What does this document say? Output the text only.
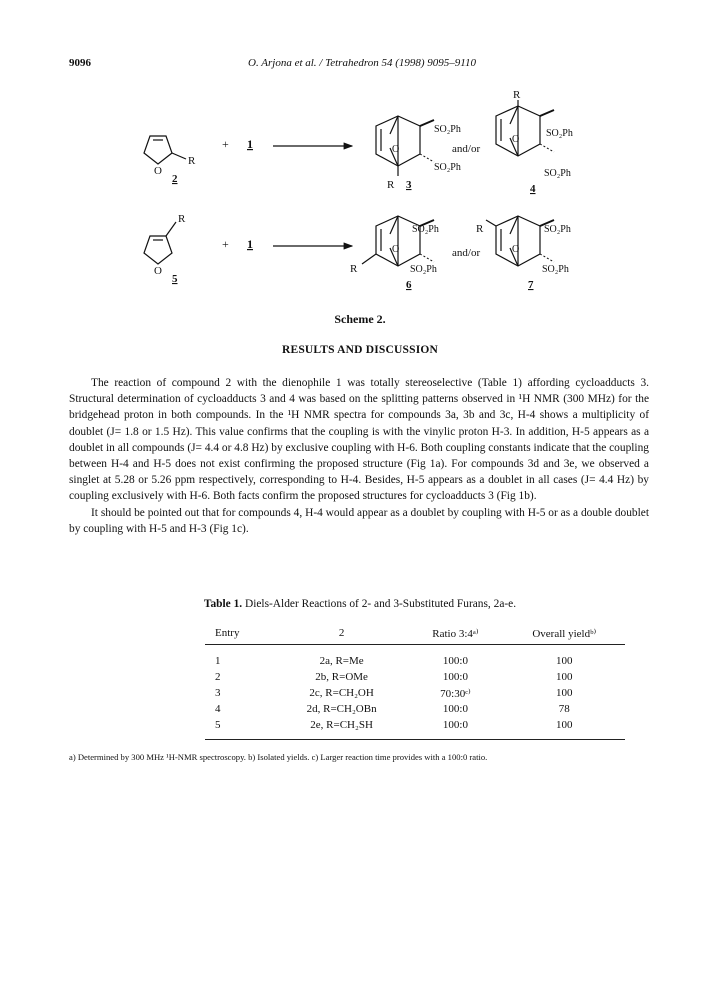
9096	O. Arjona et al. / Tetrahedron 54 (1998) 9095–9110
O
R
2
+ 1	O
SO₂Ph
SO₂Ph
R 3
and/or
O
R
SO₂Ph
SO₂Ph
4
R
O
5
+ 1	O
SO₂Ph
SO₂Ph
R
6
and/or	O
R	SO₂Ph
SO₂Ph
7
Scheme 2.
RESULTS AND DISCUSSION

The reaction of compound 2 with the dienophile 1 was totally stereoselective (Table 1) affording cycloadducts 3. Structural determination of cycloadducts 3 and 4 was based on the splitting patterns observed in ¹H NMR (300 MHz) for the bridgehead proton in both compounds. In the ¹H NMR spectra for compounds 3a, 3b and 3c, H-4 shows a multiplicity of doublet (J= 1.8 or 1.5 Hz). This value confirms that the coupling is with the vinylic proton H-3. In addition, H-5 appears as a doublet in all compounds (J= 4.4 or 4.8 Hz) by exclusive coupling with H-6. Both coupling constants indicate that the coupling between H-4 and H-5 does not exist confirming the proposed structure (Fig 1a). For compounds 3d and 3e, we observed a singlet at 5.28 or 5.26 ppm respectively, corresponding to H-4. Besides, H-5 appears as a doublet in all cases (J= 4.4 Hz) by coupling exclusively with H-6. Both facts confirm the proposed structures for cycloadducts 3 (Fig 1b).

It should be pointed out that for compounds 4, H-4 would appear as a doublet by coupling with H-5 or as a double doublet by coupling with H-5 and H-3 (Fig 1c).

Table 1. Diels-Alder Reactions of 2- and 3-Substituted Furans, 2a-e.
Entry	2	Ratio 3:4ᵃ⁾	Overall yieldᵇ⁾
1	2a, R=Me	100:0	100
2	2b, R=OMe	100:0	100
3	2c, R=CH₂OH	70:30ᶜ⁾	100
4	2d, R=CH₂OBn	100:0	78
5	2e, R=CH₂SH	100:0	100
a) Determined by 300 MHz ¹H-NMR spectroscopy. b) Isolated yields. c) Larger reaction time provides with a 100:0 ratio.
